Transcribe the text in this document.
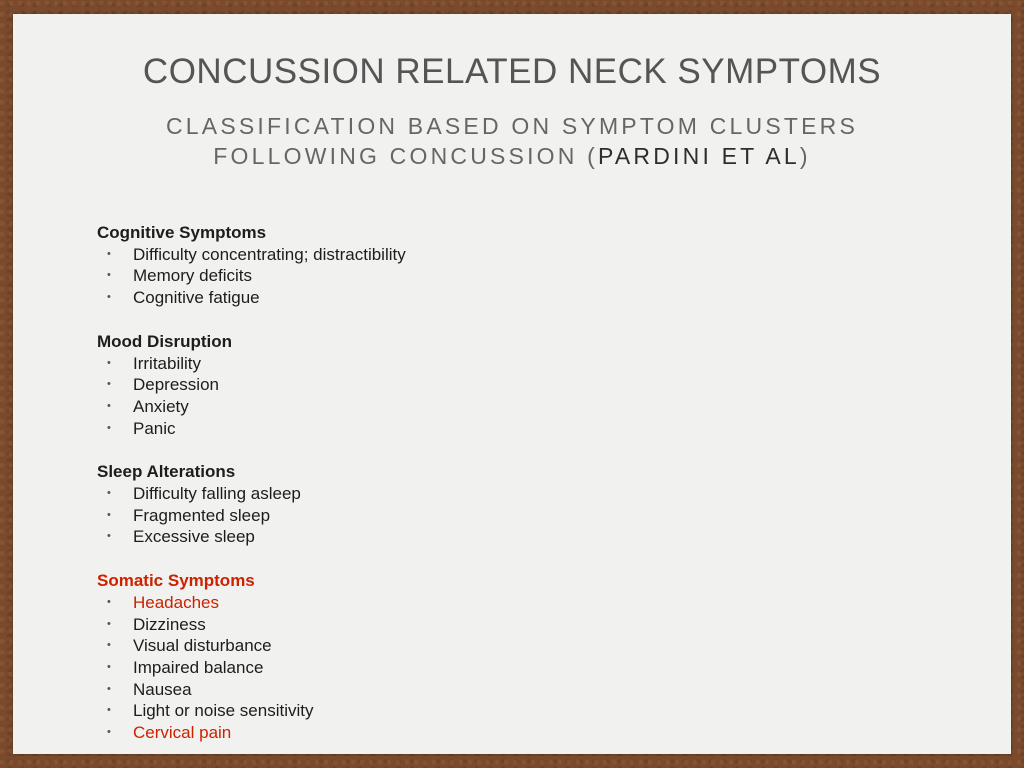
CONCUSSION RELATED NECK SYMPTOMS
CLASSIFICATION BASED ON SYMPTOM CLUSTERS
FOLLOWING CONCUSSION (PARDINI ET AL)
Cognitive Symptoms
• Difficulty concentrating; distractibility
• Memory deficits
• Cognitive fatigue
Mood Disruption
• Irritability
• Depression
• Anxiety
• Panic
Sleep Alterations
• Difficulty falling asleep
• Fragmented sleep
• Excessive sleep
Somatic Symptoms
• Headaches
• Dizziness
• Visual disturbance
• Impaired balance
• Nausea
• Light or noise sensitivity
• Cervical pain
